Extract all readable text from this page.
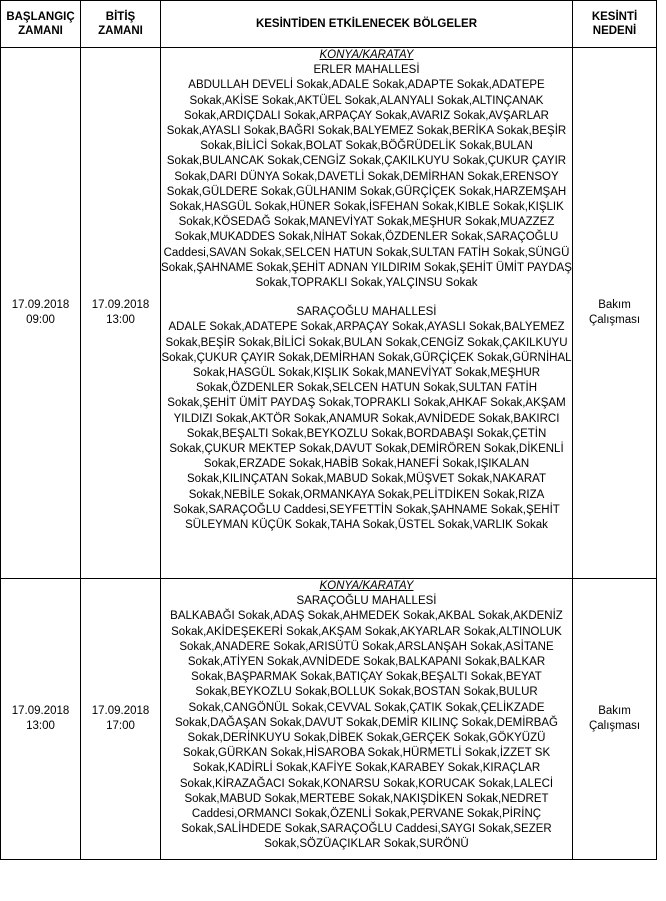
BAŞLANGIÇ
ZAMANI	BİTİŞ
ZAMANI	KESİNTİDEN ETKİLENECEK BÖLGELER	KESİNTİ
NEDENİ

17.09.2018
09:00	17.09.2018
13:00	KONYA/KARATAY
ERLER MAHALLESİ
ABDULLAH DEVELİ Sokak,ADALE Sokak,ADAPTE Sokak,ADATEPE Sokak,AKİSE Sokak,AKTÜEL Sokak,ALANYALI Sokak,ALTINÇANAK Sokak,ARDIÇDALI Sokak,ARPAÇAY Sokak,AVARIZ Sokak,AVŞARLAR Sokak,AYASLI Sokak,BAĞRI Sokak,BALYEMEZ Sokak,BERİKA Sokak,BEŞİR Sokak,BİLİCİ Sokak,BOLAT Sokak,BÖĞRÜDELİK Sokak,BULAN Sokak,BULANCAK Sokak,CENGİZ Sokak,ÇAKILKUYU Sokak,ÇUKUR ÇAYIR Sokak,DARI DÜNYA Sokak,DAVETLİ Sokak,DEMİRHAN Sokak,ERENSOY Sokak,GÜLDERE Sokak,GÜLHANIM Sokak,GÜRÇİÇEK Sokak,HARZEMŞAH Sokak,HASGÜL Sokak,HÜNER Sokak,İSFEHAN Sokak,KIBLE Sokak,KIŞLIK Sokak,KÖSEDAĞ Sokak,MANEVİYAT Sokak,MEŞHUR Sokak,MUAZZEZ Sokak,MUKADDES Sokak,NİHAT Sokak,ÖZDENLER Sokak,SARAÇOĞLU Caddesi,SAVAN Sokak,SELCEN HATUN Sokak,SULTAN FATİH Sokak,SÜNGÜ Sokak,ŞAHNAME Sokak,ŞEHİT ADNAN YILDIRIM Sokak,ŞEHİT ÜMİT PAYDAŞ Sokak,TOPRAKLI Sokak,YALÇINSU Sokak
SARAÇOĞLU MAHALLESİ
ADALE Sokak,ADATEPE Sokak,ARPAÇAY Sokak,AYASLI Sokak,BALYEMEZ Sokak,BEŞİR Sokak,BİLİCİ Sokak,BULAN Sokak,CENGİZ Sokak,ÇAKILKUYU Sokak,ÇUKUR ÇAYIR Sokak,DEMİRHAN Sokak,GÜRÇİÇEK Sokak,GÜRNİHAL Sokak,HASGÜL Sokak,KIŞLIK Sokak,MANEVİYAT Sokak,MEŞHUR Sokak,ÖZDENLER Sokak,SELCEN HATUN Sokak,SULTAN FATİH Sokak,ŞEHİT ÜMİT PAYDAŞ Sokak,TOPRAKLI Sokak,AHKAF Sokak,AKŞAM YILDIZI Sokak,AKTÖR Sokak,ANAMUR Sokak,AVNİDEDE Sokak,BAKIRCI Sokak,BEŞALTI Sokak,BEYKOZLU Sokak,BORDABAŞI Sokak,ÇETİN Sokak,ÇUKUR MEKTEP Sokak,DAVUT Sokak,DEMİRÖREN Sokak,DİKENLİ Sokak,ERZADE Sokak,HABİB Sokak,HANEFİ Sokak,IŞIKALAN Sokak,KILINÇATAN Sokak,MABUD Sokak,MÜŞVET Sokak,NAKARAT Sokak,NEBİLE Sokak,ORMANKAYA Sokak,PELİTDİKEN Sokak,RIZA Sokak,SARAÇOĞLU Caddesi,SEYFETTİN Sokak,ŞAHNAME Sokak,ŞEHİT SÜLEYMAN KÜÇÜK Sokak,TAHA Sokak,ÜSTEL Sokak,VARLIK Sokak	Bakım
Çalışması

17.09.2018
13:00	17.09.2018
17:00	KONYA/KARATAY
SARAÇOĞLU MAHALLESİ
BALKABAĞI Sokak,ADAŞ Sokak,AHMEDEK Sokak,AKBAL Sokak,AKDENİZ Sokak,AKİDEŞEKERİ Sokak,AKŞAM Sokak,AKYARLAR Sokak,ALTINOLUK Sokak,ANADERE Sokak,ARISÜTÜ Sokak,ARSLANŞAH Sokak,ASİTANE Sokak,ATİYEN Sokak,AVNİDEDE Sokak,BALKAPANI Sokak,BALKAR Sokak,BAŞPARMAK Sokak,BATIÇAY Sokak,BEŞALTI Sokak,BEYAT Sokak,BEYKOZLU Sokak,BOLLUK Sokak,BOSTAN Sokak,BULUR Sokak,CANGÖNÜL Sokak,CEVVAL Sokak,ÇATIK Sokak,ÇELİKZADE Sokak,DAĞAŞAN Sokak,DAVUT Sokak,DEMİR KILINÇ Sokak,DEMİRBAĞ Sokak,DERİNKUYU Sokak,DİBEK Sokak,GERÇEK Sokak,GÖKYÜZÜ Sokak,GÜRKAN Sokak,HİSAROBA Sokak,HÜRMETLİ Sokak,İZZET SK Sokak,KADİRLİ Sokak,KAFİYE Sokak,KARABEY Sokak,KIRAÇLAR Sokak,KİRAZAĞACI Sokak,KONARSU Sokak,KORUCAK Sokak,LALECİ Sokak,MABUD Sokak,MERTEBE Sokak,NAKIŞDİKEN Sokak,NEDRET Caddesi,ORMANCI Sokak,ÖZENLİ Sokak,PERVANE Sokak,PİRİNÇ Sokak,SALİHDEDE Sokak,SARAÇOĞLU Caddesi,SAYGI Sokak,SEZER Sokak,SÖZÜAÇIKLAR Sokak,SURÖNÜ	Bakım
Çalışması
